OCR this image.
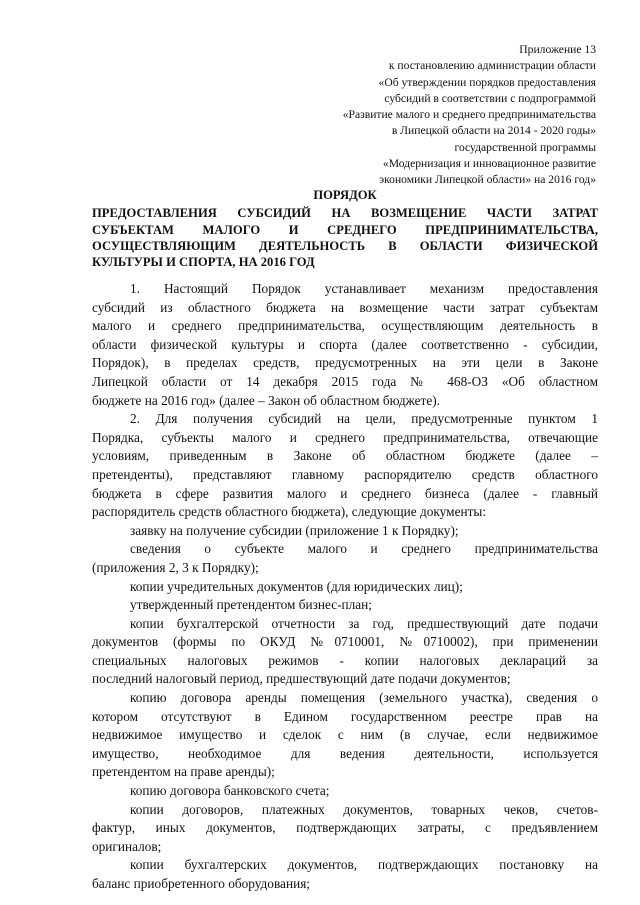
Приложение 13
к постановлению администрации области
«Об утверждении порядков предоставления
субсидий в соответствии с подпрограммой
«Развитие малого и среднего предпринимательства
в Липецкой области на 2014 - 2020 годы»
государственной программы
«Модернизация и инновационное развитие
экономики Липецкой области» на 2016 год»
ПОРЯДОК
ПРЕДОСТАВЛЕНИЯ СУБСИДИЙ НА ВОЗМЕЩЕНИЕ ЧАСТИ ЗАТРАТ
СУБЪЕКТАМ МАЛОГО И СРЕДНЕГО ПРЕДПРИНИМАТЕЛЬСТВА,
ОСУЩЕСТВЛЯЮЩИМ ДЕЯТЕЛЬНОСТЬ В ОБЛАСТИ ФИЗИЧЕСКОЙ
КУЛЬТУРЫ И СПОРТА, НА 2016 ГОД
1. Настоящий Порядок устанавливает механизм предоставления
субсидий из областного бюджета на возмещение части затрат субъектам
малого и среднего предпринимательства, осуществляющим деятельность в
области физической культуры и спорта (далее соответственно - субсидии,
Порядок), в пределах средств, предусмотренных на эти цели в Законе
Липецкой области от 14 декабря 2015 года № 468-ОЗ «Об областном
бюджете на 2016 год» (далее – Закон об областном бюджете).
2. Для получения субсидий на цели, предусмотренные пунктом 1
Порядка, субъекты малого и среднего предпринимательства, отвечающие
условиям, приведенным в Законе об областном бюджете (далее –
претенденты), представляют главному распорядителю средств областного
бюджета в сфере развития малого и среднего бизнеса (далее - главный
распорядитель средств областного бюджета), следующие документы:
заявку на получение субсидии (приложение 1 к Порядку);
сведения о субъекте малого и среднего предпринимательства
(приложения 2, 3 к Порядку);
копии учредительных документов (для юридических лиц);
утвержденный претендентом бизнес-план;
копии бухгалтерской отчетности за год, предшествующий дате подачи
документов (формы по ОКУД №0710001, №0710002), при применении
специальных налоговых режимов - копии налоговых деклараций за
последний налоговый период, предшествующий дате подачи документов;
копию договора аренды помещения (земельного участка), сведения о
котором отсутствуют в Едином государственном реестре прав на
недвижимое имущество и сделок с ним (в случае, если недвижимое
имущество, необходимое для ведения деятельности, используется
претендентом на праве аренды);
копию договора банковского счета;
копии договоров, платежных документов, товарных чеков, счетов-
фактур, иных документов, подтверждающих затраты, с предъявлением
оригиналов;
копии бухгалтерских документов, подтверждающих постановку на
баланс приобретенного оборудования;
